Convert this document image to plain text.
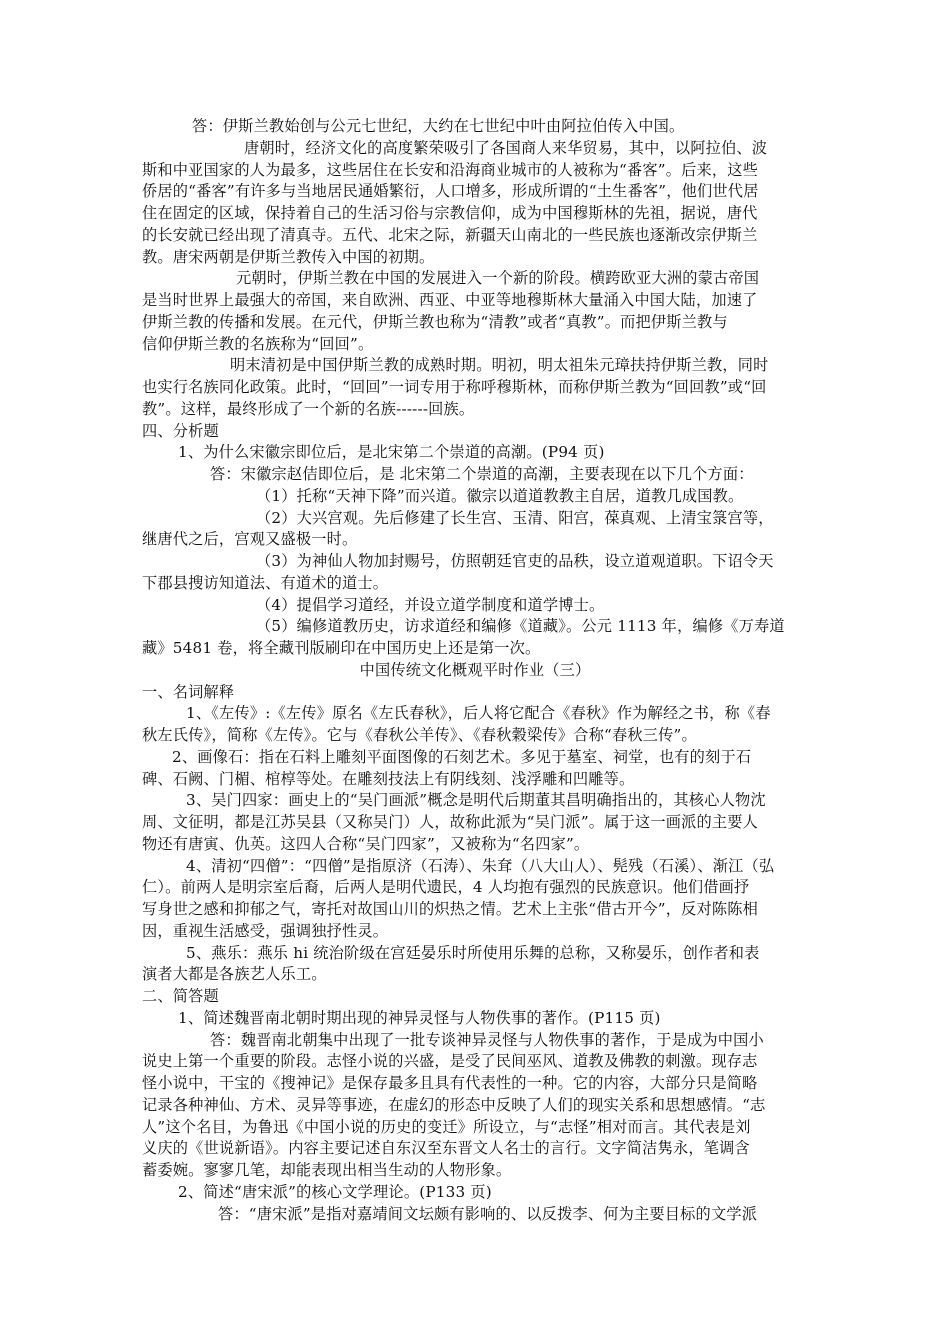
答：伊斯兰教始创与公元七世纪，大约在七世纪中叶由阿拉伯传入中国。
唐朝时，经济文化的高度繁荣吸引了各国商人来华贸易，其中，以阿拉伯、波
斯和中亚国家的人为最多，这些居住在长安和沿海商业城市的人被称为“番客”。后来，这些
侨居的“番客”有许多与当地居民通婚繁衍，人口增多，形成所谓的“土生番客”，他们世代居
住在固定的区域，保持着自己的生活习俗与宗教信仰，成为中国穆斯林的先祖，据说，唐代
的长安就已经出现了清真寺。五代、北宋之际，新疆天山南北的一些民族也逐渐改宗伊斯兰
教。唐宋两朝是伊斯兰教传入中国的初期。
元朝时，伊斯兰教在中国的发展进入一个新的阶段。横跨欧亚大洲的蒙古帝国
是当时世界上最强大的帝国，来自欧洲、西亚、中亚等地穆斯林大量涌入中国大陆，加速了
伊斯兰教的传播和发展。在元代，伊斯兰教也称为“清教”或者“真教”。而把伊斯兰教与
信仰伊斯兰教的名族称为“回回”。
明末清初是中国伊斯兰教的成熟时期。明初，明太祖朱元璋扶持伊斯兰教，同时
也实行名族同化政策。此时，“回回”一词专用于称呼穆斯林，而称伊斯兰教为“回回教”或“回
教”。这样，最终形成了一个新的名族------回族。
四、分析题
1、为什么宋徽宗即位后，是北宋第二个崇道的高潮。(P94 页)
答：宋徽宗赵佶即位后，是 北宋第二个崇道的高潮，主要表现在以下几个方面：
（1）托称“天神下降”而兴道。徽宗以道道教教主自居，道教几成国教。
（2）大兴宫观。先后修建了长生宫、玉清、阳宫，葆真观、上清宝箓宫等，
继唐代之后，宫观又盛极一时。
（3）为神仙人物加封赐号，仿照朝廷官吏的品秩，设立道观道职。下诏令天
下郡县搜访知道法、有道术的道士。
（4）提倡学习道经，并设立道学制度和道学博士。
（5）编修道教历史，访求道经和编修《道藏》。公元 1113 年，编修《万寿道
藏》5481 卷，将全藏刊版刷印在中国历史上还是第一次。
中国传统文化概观平时作业（三）
一、名词解释
1、《左传》:《左传》原名《左氏春秋》，后人将它配合《春秋》作为解经之书，称《春
秋左氏传》，简称《左传》。它与《春秋公羊传》、《春秋穀梁传》合称“春秋三传”。
2、画像石：指在石料上雕刻平面图像的石刻艺术。多见于墓室、祠堂，也有的刻于石
碑、石阙、门楣、棺椁等处。在雕刻技法上有阴线刻、浅浮雕和凹雕等。
3、吴门四家：画史上的“吴门画派”概念是明代后期董其昌明确指出的，其核心人物沈
周、文征明，都是江苏吴县（又称吴门）人，故称此派为“吴门派”。属于这一画派的主要人
物还有唐寅、仇英。这四人合称“吴门四家”，又被称为“名四家”。
4、清初“四僧”：“四僧”是指原济（石涛）、朱耷（八大山人）、髡残（石溪）、渐江（弘
仁）。前两人是明宗室后裔，后两人是明代遗民，4 人均抱有强烈的民族意识。他们借画抒
写身世之感和抑郁之气，寄托对故国山川的炽热之情。艺术上主张“借古开今”，反对陈陈相
因，重视生活感受，强调独抒性灵。
5、燕乐：燕乐 hi 统治阶级在宫廷晏乐时所使用乐舞的总称，又称晏乐，创作者和表
演者大都是各族艺人乐工。
二、简答题
1、简述魏晋南北朝时期出现的神异灵怪与人物佚事的著作。(P115 页)
答：魏晋南北朝集中出现了一批专谈神异灵怪与人物佚事的著作，于是成为中国小
说史上第一个重要的阶段。志怪小说的兴盛，是受了民间巫风、道教及佛教的刺激。现存志
怪小说中，干宝的《搜神记》是保存最多且具有代表性的一种。它的内容，大部分只是简略
记录各种神仙、方术、灵异等事迹，在虚幻的形态中反映了人们的现实关系和思想感情。“志
人”这个名目，为鲁迅《中国小说的历史的变迁》所设立，与“志怪”相对而言。其代表是刘
义庆的《世说新语》。内容主要记述自东汉至东晋文人名士的言行。文字简洁隽永，笔调含
蓄委婉。寥寥几笔，却能表现出相当生动的人物形象。
2、简述“唐宋派”的核心文学理论。(P133 页)
答：“唐宋派”是指对嘉靖间文坛颇有影响的、以反拨李、何为主要目标的文学派
